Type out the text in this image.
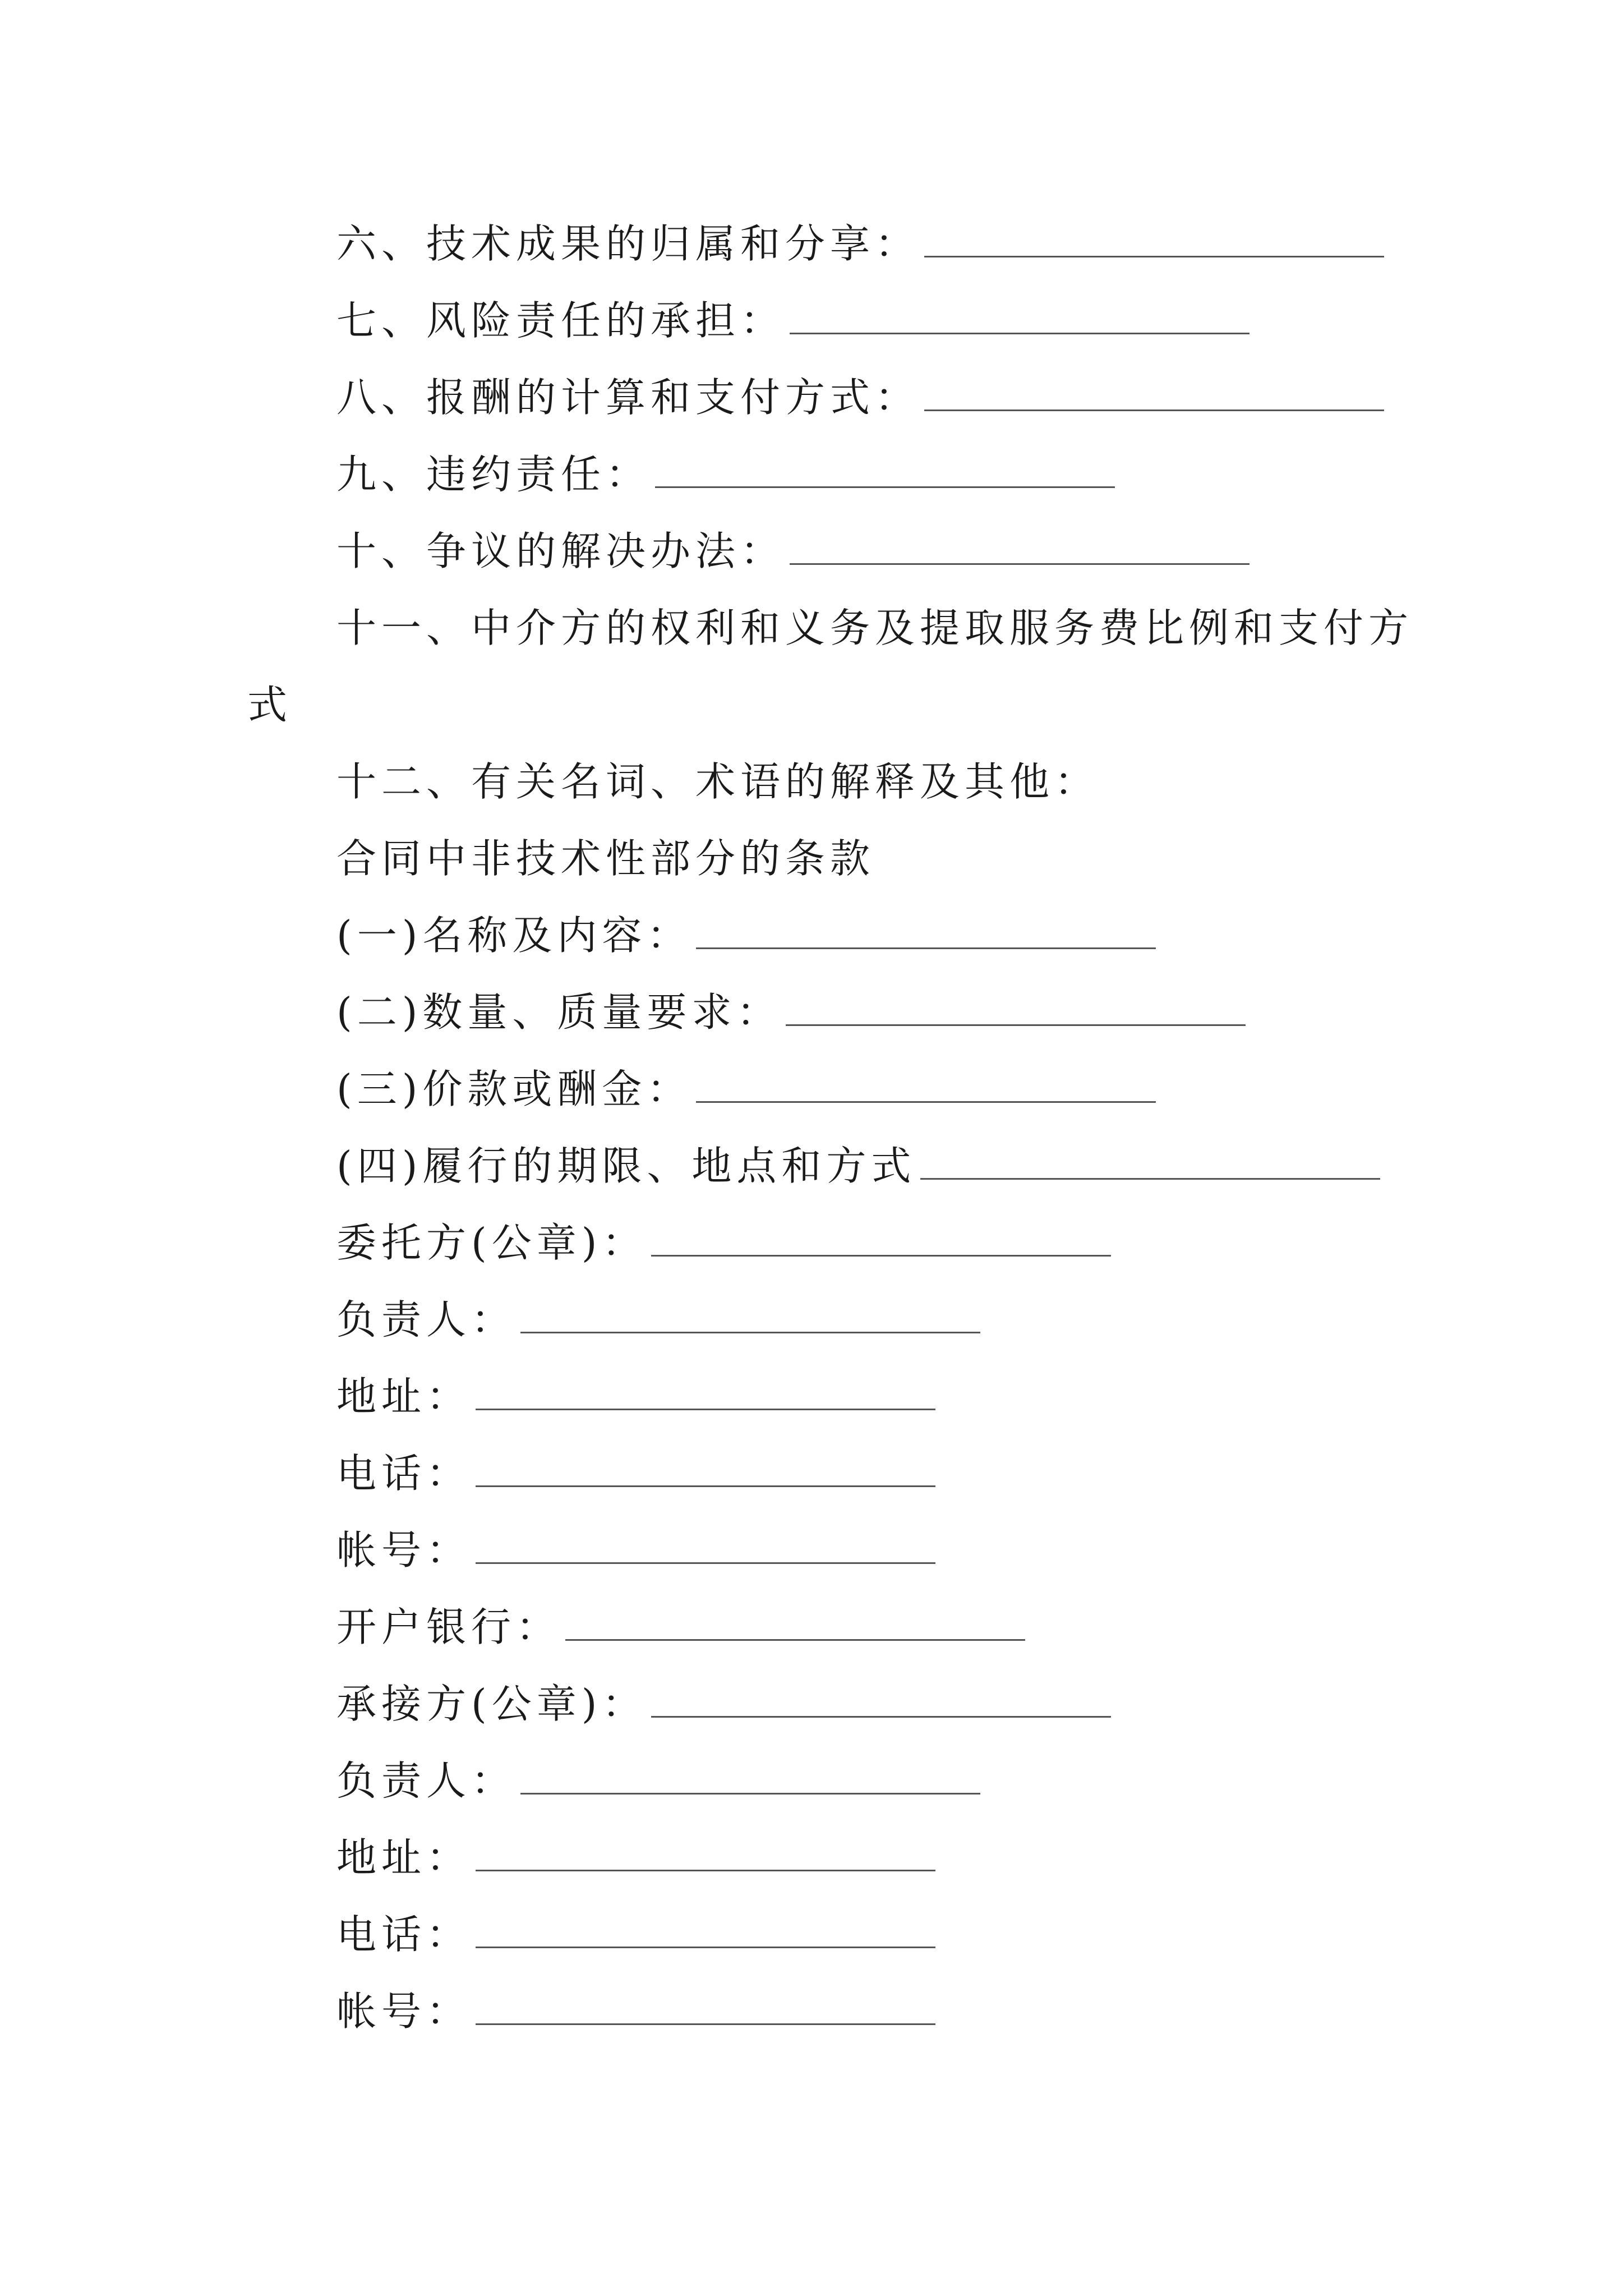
六、技术成果的归属和分享：
七、风险责任的承担：
八、报酬的计算和支付方式：
九、违约责任：
十、争议的解决办法：
十一、中介方的权利和义务及提取服务费比例和支付方
式
十二、有关名词、术语的解释及其他：
合同中非技术性部分的条款
(一)名称及内容：
(二)数量、质量要求：
(三)价款或酬金：
(四)履行的期限、地点和方式
委托方(公章)：
负责人：
地址：
电话：
帐号：
开户银行：
承接方(公章)：
负责人：
地址：
电话：
帐号：
